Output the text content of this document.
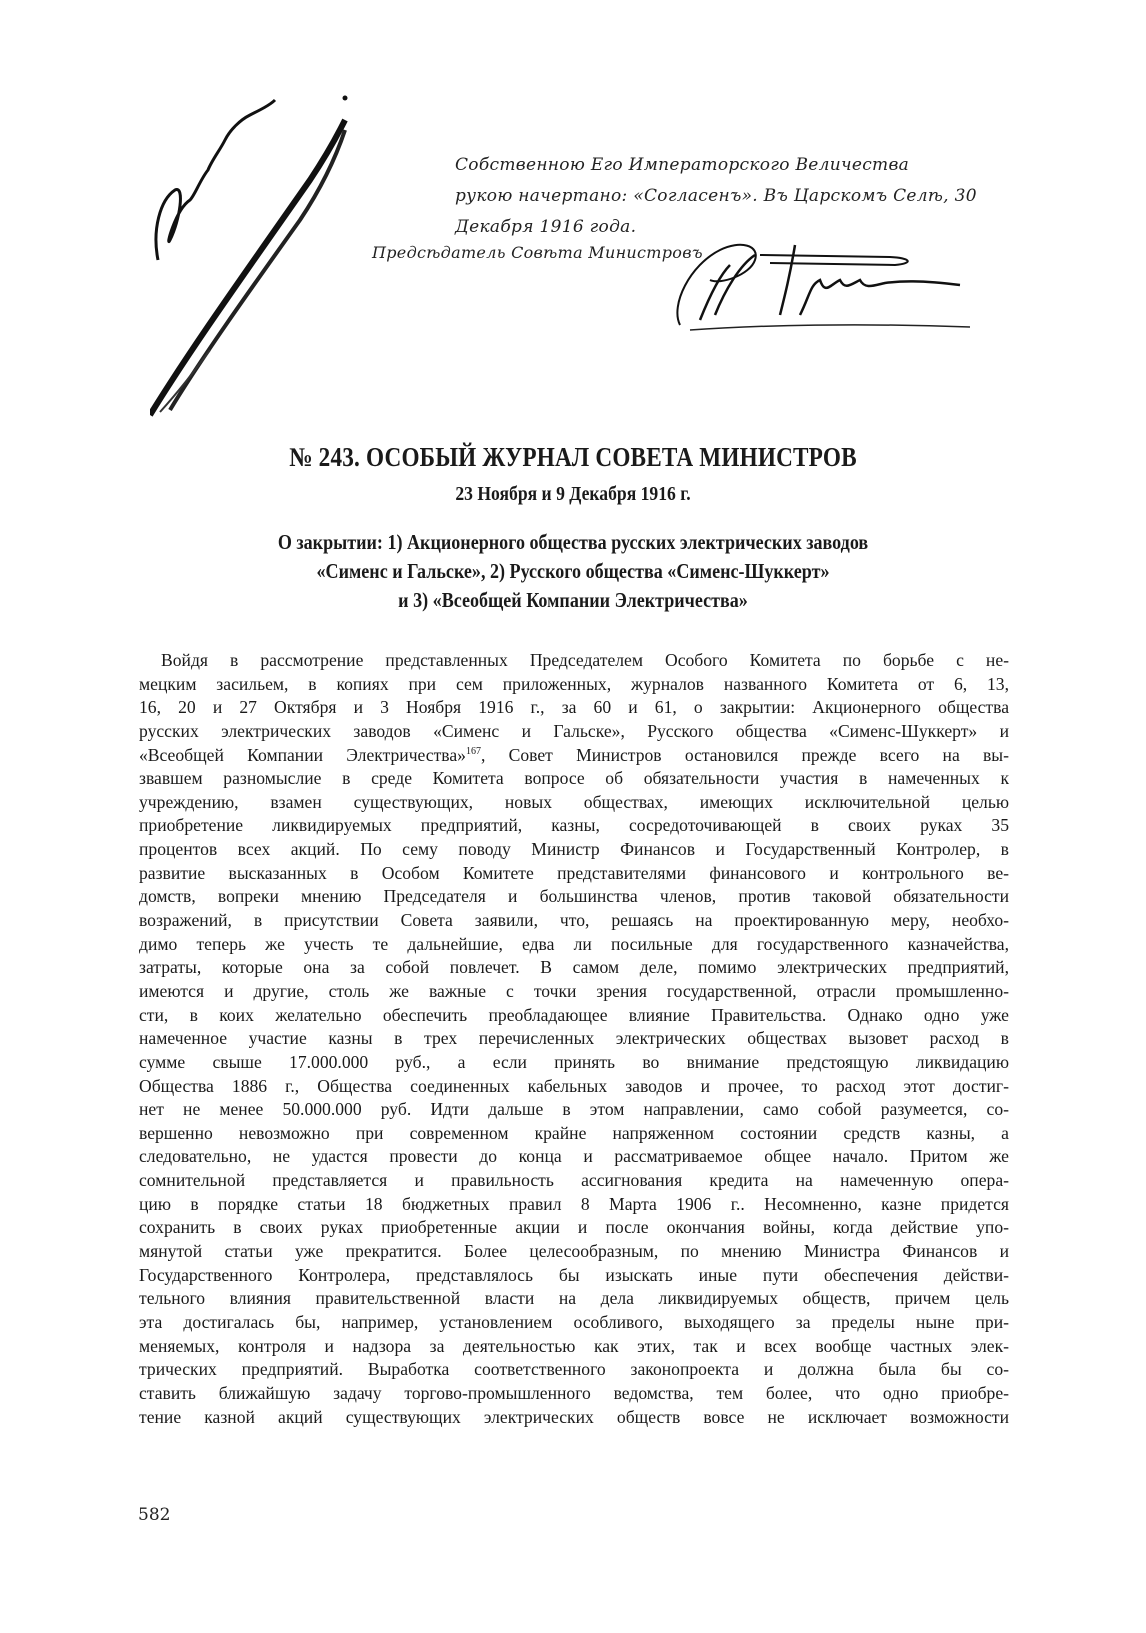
Собственною Его Императорского Величества
рукою начертано: «Согласенъ». Въ Царскомъ Селѣ, 30
Декабря 1916 года.
Предсѣдатель Совѣта Министровъ
№ 243. ОСОБЫЙ ЖУРНАЛ СОВЕТА МИНИСТРОВ
23 Ноября и 9 Декабря 1916 г.
О закрытии: 1) Акционерного общества русских электрических заводов
«Сименс и Гальске», 2) Русского общества «Сименс-Шуккерт»
и 3) «Всеобщей Компании Электричества»
Войдя в рассмотрение представленных Председателем Особого Комитета по борьбе с не-
мецким засильем, в копиях при сем приложенных, журналов названного Комитета от 6, 13,
16, 20 и 27 Октября и 3 Ноября 1916 г., за 60 и 61, о закрытии: Акционерного общества
русских электрических заводов «Сименс и Гальске», Русского общества «Сименс-Шуккерт» и
«Всеобщей Компании Электричества»$^{167}$, Совет Министров остановился прежде всего на вы-
звавшем разномыслие в среде Комитета вопросе об обязательности участия в намеченных к
учреждению, взамен существующих, новых обществах, имеющих исключительной целью
приобретение ликвидируемых предприятий, казны, сосредоточивающей в своих руках 35
процентов всех акций. По сему поводу Министр Финансов и Государственный Контролер, в
развитие высказанных в Особом Комитете представителями финансового и контрольного ве-
домств, вопреки мнению Председателя и большинства членов, против таковой обязательности
возражений, в присутствии Совета заявили, что, решаясь на проектированную меру, необхо-
димо теперь же учесть те дальнейшие, едва ли посильные для государственного казначейства,
затраты, которые она за собой повлечет. В самом деле, помимо электрических предприятий,
имеются и другие, столь же важные с точки зрения государственной, отрасли промышленно-
сти, в коих желательно обеспечить преобладающее влияние Правительства. Однако одно уже
намеченное участие казны в трех перечисленных электрических обществах вызовет расход в
сумме свыше 17.000.000 руб., а если принять во внимание предстоящую ликвидацию
Общества 1886 г., Общества соединенных кабельных заводов и прочее, то расход этот достиг-
нет не менее 50.000.000 руб. Идти дальше в этом направлении, само собой разумеется, со-
вершенно невозможно при современном крайне напряженном состоянии средств казны, а
следовательно, не удастся провести до конца и рассматриваемое общее начало. Притом же
сомнительной представляется и правильность ассигнования кредита на намеченную опера-
цию в порядке статьи 18 бюджетных правил 8 Марта 1906 г.. Несомненно, казне придется
сохранить в своих руках приобретенные акции и после окончания войны, когда действие упо-
мянутой статьи уже прекратится. Более целесообразным, по мнению Министра Финансов и
Государственного Контролера, представлялось бы изыскать иные пути обеспечения действи-
тельного влияния правительственной власти на дела ликвидируемых обществ, причем цель
эта достигалась бы, например, установлением особливого, выходящего за пределы ныне при-
меняемых, контроля и надзора за деятельностью как этих, так и всех вообще частных элек-
трических предприятий. Выработка соответственного законопроекта и должна была бы со-
ставить ближайшую задачу торгово-промышленного ведомства, тем более, что одно приобре-
тение казной акций существующих электрических обществ вовсе не исключает возможности
582
